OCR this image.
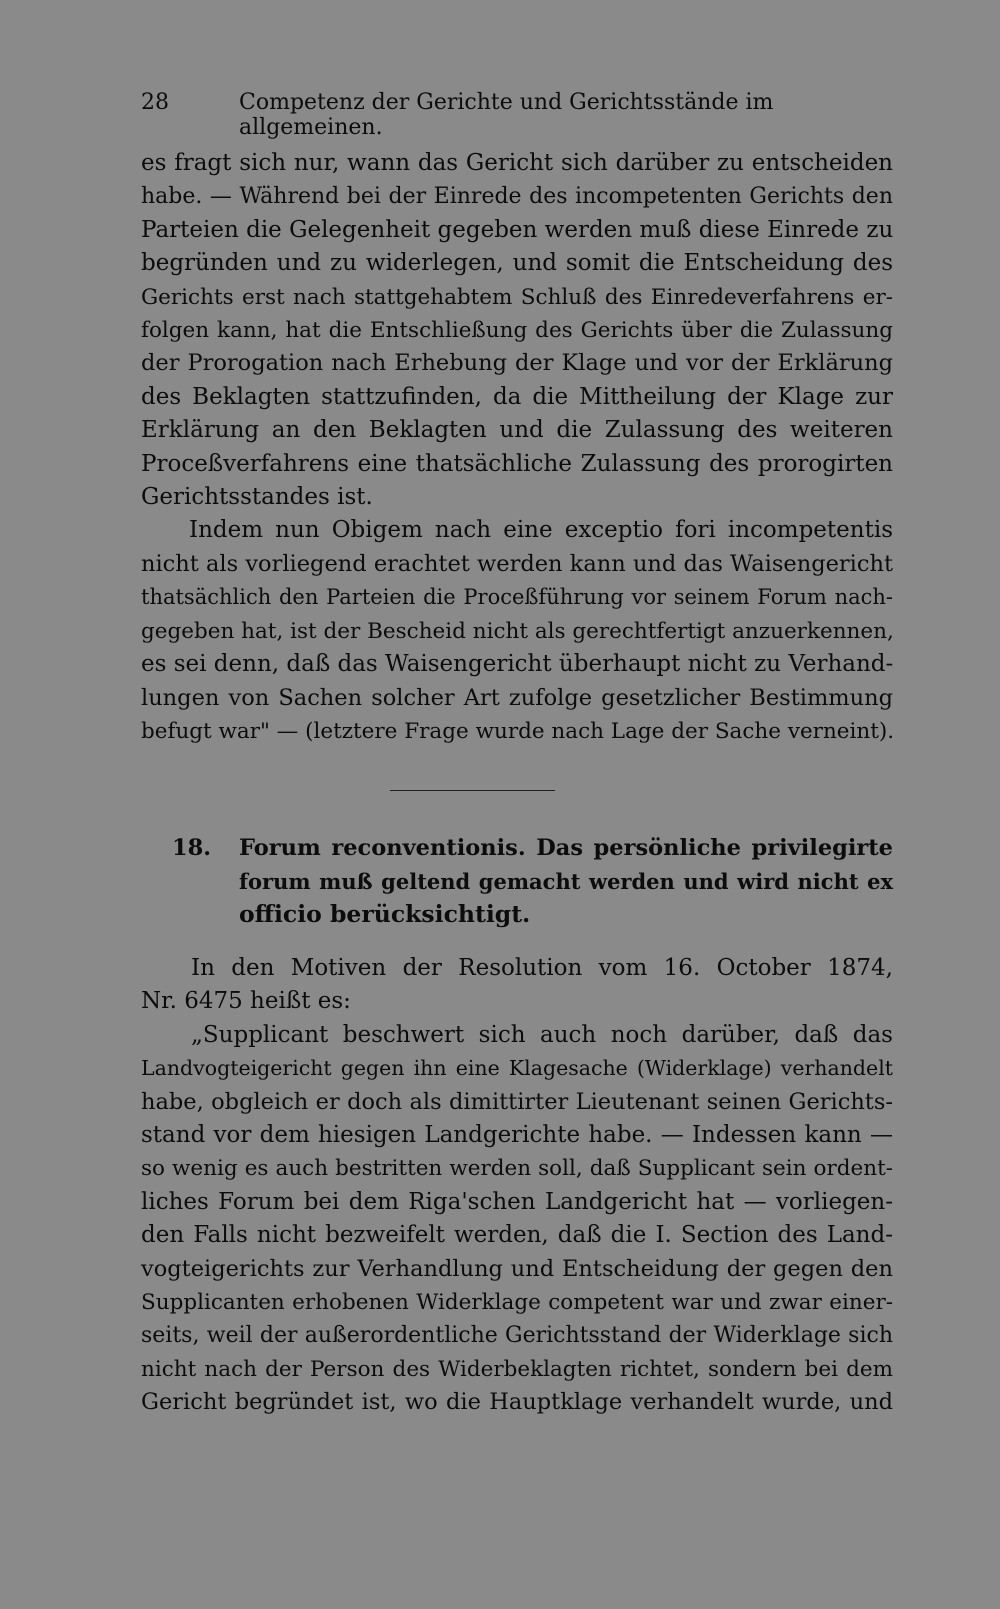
28	Competenz der Gerichte und Gerichtsstände im allgemeinen.
es fragt sich nur, wann das Gericht sich darüber zu entscheiden
habe. — Während bei der Einrede des incompetenten Gerichts den
Parteien die Gelegenheit gegeben werden muß diese Einrede zu
begründen und zu widerlegen, und somit die Entscheidung des
Gerichts erst nach stattgehabtem Schluß des Einredeverfahrens er-
folgen kann, hat die Entschließung des Gerichts über die Zulassung
der Prorogation nach Erhebung der Klage und vor der Erklärung
des Beklagten stattzufinden, da die Mittheilung der Klage zur
Erklärung an den Beklagten und die Zulassung des weiteren
Proceßverfahrens eine thatsächliche Zulassung des prorogirten
Gerichtsstandes ist.
Indem nun Obigem nach eine exceptio fori incompetentis
nicht als vorliegend erachtet werden kann und das Waisengericht
thatsächlich den Parteien die Proceßführung vor seinem Forum nach-
gegeben hat, ist der Bescheid nicht als gerechtfertigt anzuerkennen,
es sei denn, daß das Waisengericht überhaupt nicht zu Verhand-
lungen von Sachen solcher Art zufolge gesetzlicher Bestimmung
befugt war" — (letztere Frage wurde nach Lage der Sache verneint).
18. Forum reconventionis. Das persönliche privilegirte
forum muß geltend gemacht werden und wird nicht ex
officio berücksichtigt.
In den Motiven der Resolution vom 16. October 1874,
Nr. 6475 heißt es:
„Supplicant beschwert sich auch noch darüber, daß das
Landvogteigericht gegen ihn eine Klagesache (Widerklage) verhandelt
habe, obgleich er doch als dimittirter Lieutenant seinen Gerichts-
stand vor dem hiesigen Landgerichte habe. — Indessen kann —
so wenig es auch bestritten werden soll, daß Supplicant sein ordent-
liches Forum bei dem Riga'schen Landgericht hat — vorliegen-
den Falls nicht bezweifelt werden, daß die I. Section des Land-
vogteigerichts zur Verhandlung und Entscheidung der gegen den
Supplicanten erhobenen Widerklage competent war und zwar einer-
seits, weil der außerordentliche Gerichtsstand der Widerklage sich
nicht nach der Person des Widerbeklagten richtet, sondern bei dem
Gericht begründet ist, wo die Hauptklage verhandelt wurde, und
